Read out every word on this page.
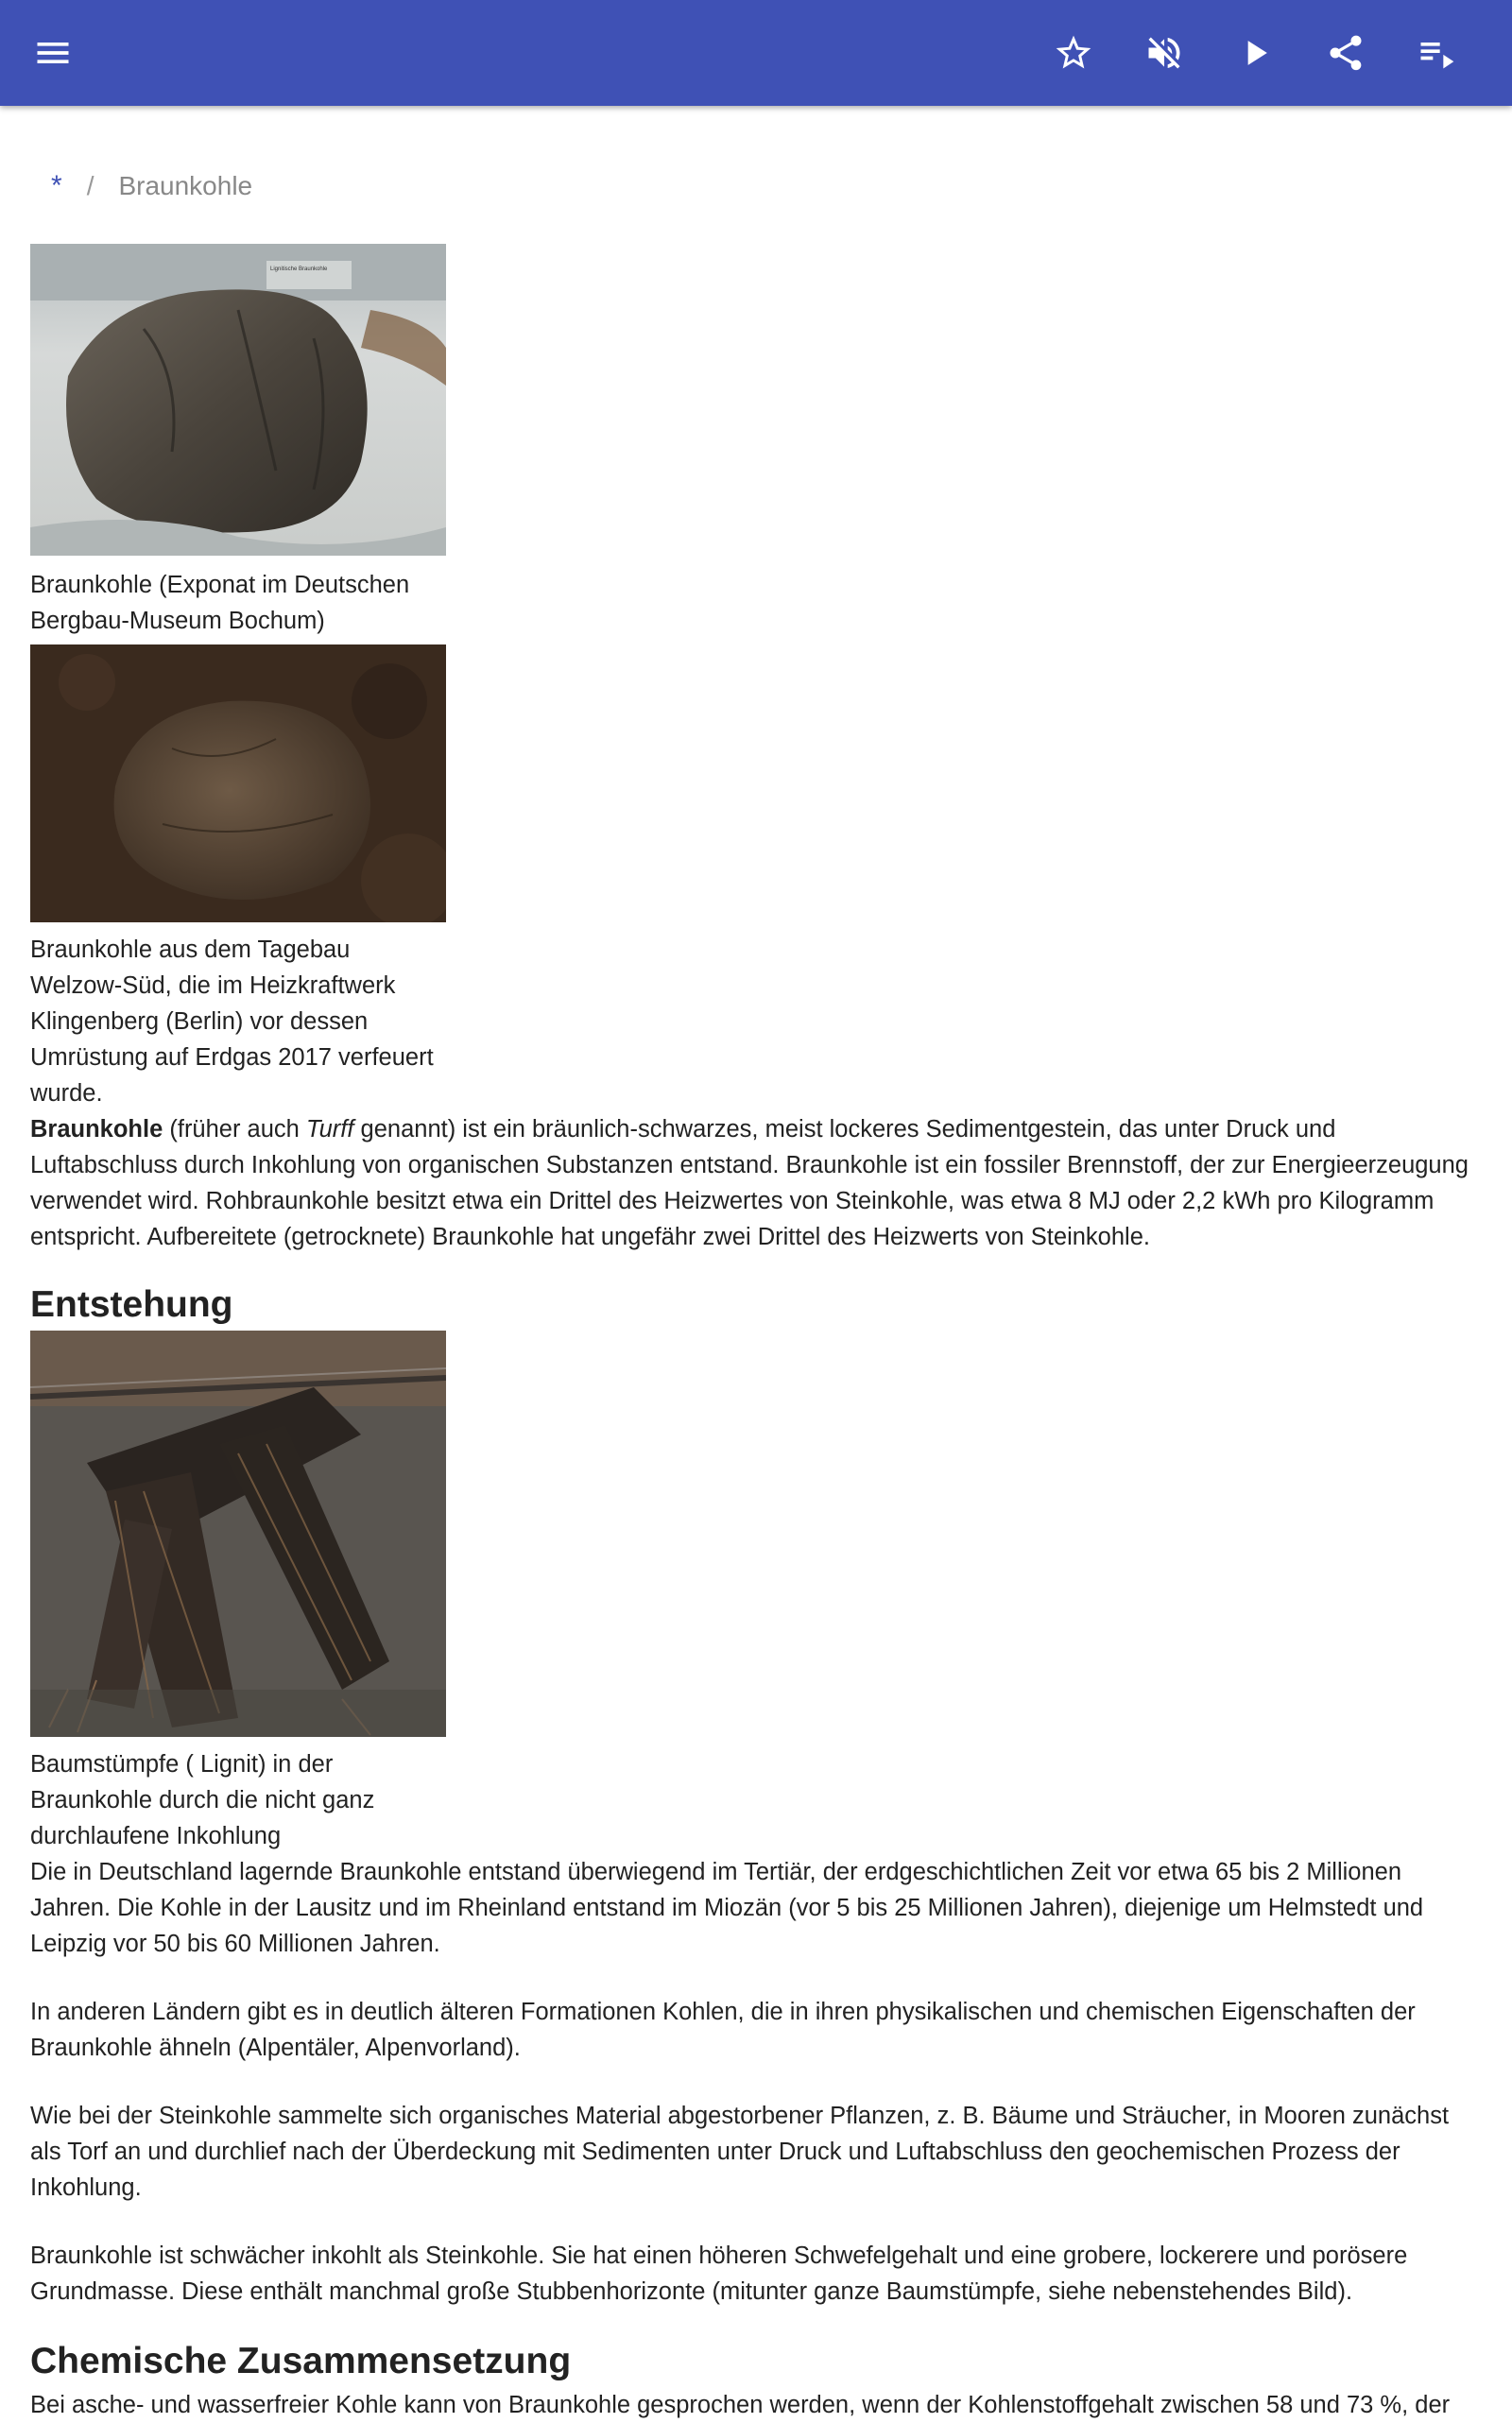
* / Braunkohle
Lignitische Braunkohle
Braunkohle (Exponat im Deutschen Bergbau-Museum Bochum)
Braunkohle aus dem Tagebau Welzow-Süd, die im Heizkraftwerk Klingenberg (Berlin) vor dessen Umrüstung auf Erdgas 2017 verfeuert wurde.

Braunkohle (früher auch Turff genannt) ist ein bräunlich-schwarzes, meist lockeres Sedimentgestein, das unter Druck und Luftabschluss durch Inkohlung von organischen Substanzen entstand. Braunkohle ist ein fossiler Brennstoff, der zur Energieerzeugung verwendet wird. Rohbraunkohle besitzt etwa ein Drittel des Heizwertes von Steinkohle, was etwa 8 MJ oder 2,2 kWh pro Kilogramm entspricht. Aufbereitete (getrocknete) Braunkohle hat ungefähr zwei Drittel des Heizwerts von Steinkohle.

Entstehung
Baumstümpfe ( Lignit) in der Braunkohle durch die nicht ganz durchlaufene Inkohlung

Die in Deutschland lagernde Braunkohle entstand überwiegend im Tertiär, der erdgeschichtlichen Zeit vor etwa 65 bis 2 Millionen Jahren. Die Kohle in der Lausitz und im Rheinland entstand im Miozän (vor 5 bis 25 Millionen Jahren), diejenige um Helmstedt und Leipzig vor 50 bis 60 Millionen Jahren.

In anderen Ländern gibt es in deutlich älteren Formationen Kohlen, die in ihren physikalischen und chemischen Eigenschaften der Braunkohle ähneln (Alpentäler, Alpenvorland).

Wie bei der Steinkohle sammelte sich organisches Material abgestorbener Pflanzen, z. B. Bäume und Sträucher, in Mooren zunächst als Torf an und durchlief nach der Überdeckung mit Sedimenten unter Druck und Luftabschluss den geochemischen Prozess der Inkohlung.

Braunkohle ist schwächer inkohlt als Steinkohle. Sie hat einen höheren Schwefelgehalt und eine grobere, lockerere und porösere Grundmasse. Diese enthält manchmal große Stubbenhorizonte (mitunter ganze Baumstümpfe, siehe nebenstehendes Bild).

Chemische Zusammensetzung

Bei asche- und wasserfreier Kohle kann von Braunkohle gesprochen werden, wenn der Kohlenstoffgehalt zwischen 58 und 73 %, der
